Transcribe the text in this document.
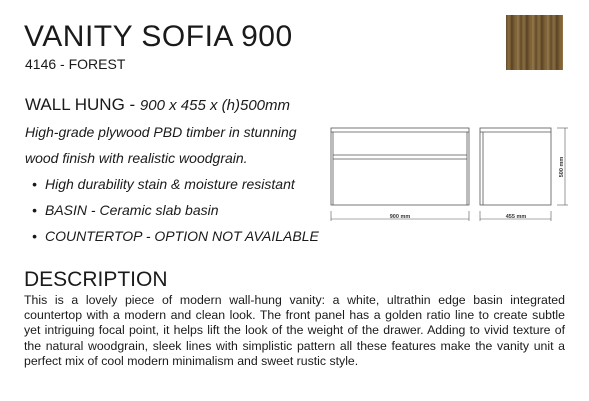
VANITY SOFIA 900
4146 - FOREST
WALL HUNG - 900 x 455 x (h)500mm
High-grade plywood PBD timber in stunning
wood finish with realistic woodgrain.
• High durability stain & moisture resistant
• BASIN - Ceramic slab basin
• COUNTERTOP - OPTION NOT AVAILABLE
900 mm	455 mm
500 mm
DESCRIPTION
This is a lovely piece of modern wall-hung vanity: a white, ultrathin edge basin integrated countertop with a modern and clean look. The front panel has a golden ratio line to create subtle yet intriguing focal point, it helps lift the look of the weight of the drawer. Adding to vivid texture of the natural woodgrain, sleek lines with simplistic pattern all these features make the vanity unit a perfect mix of cool modern minimalism and sweet rustic style.
